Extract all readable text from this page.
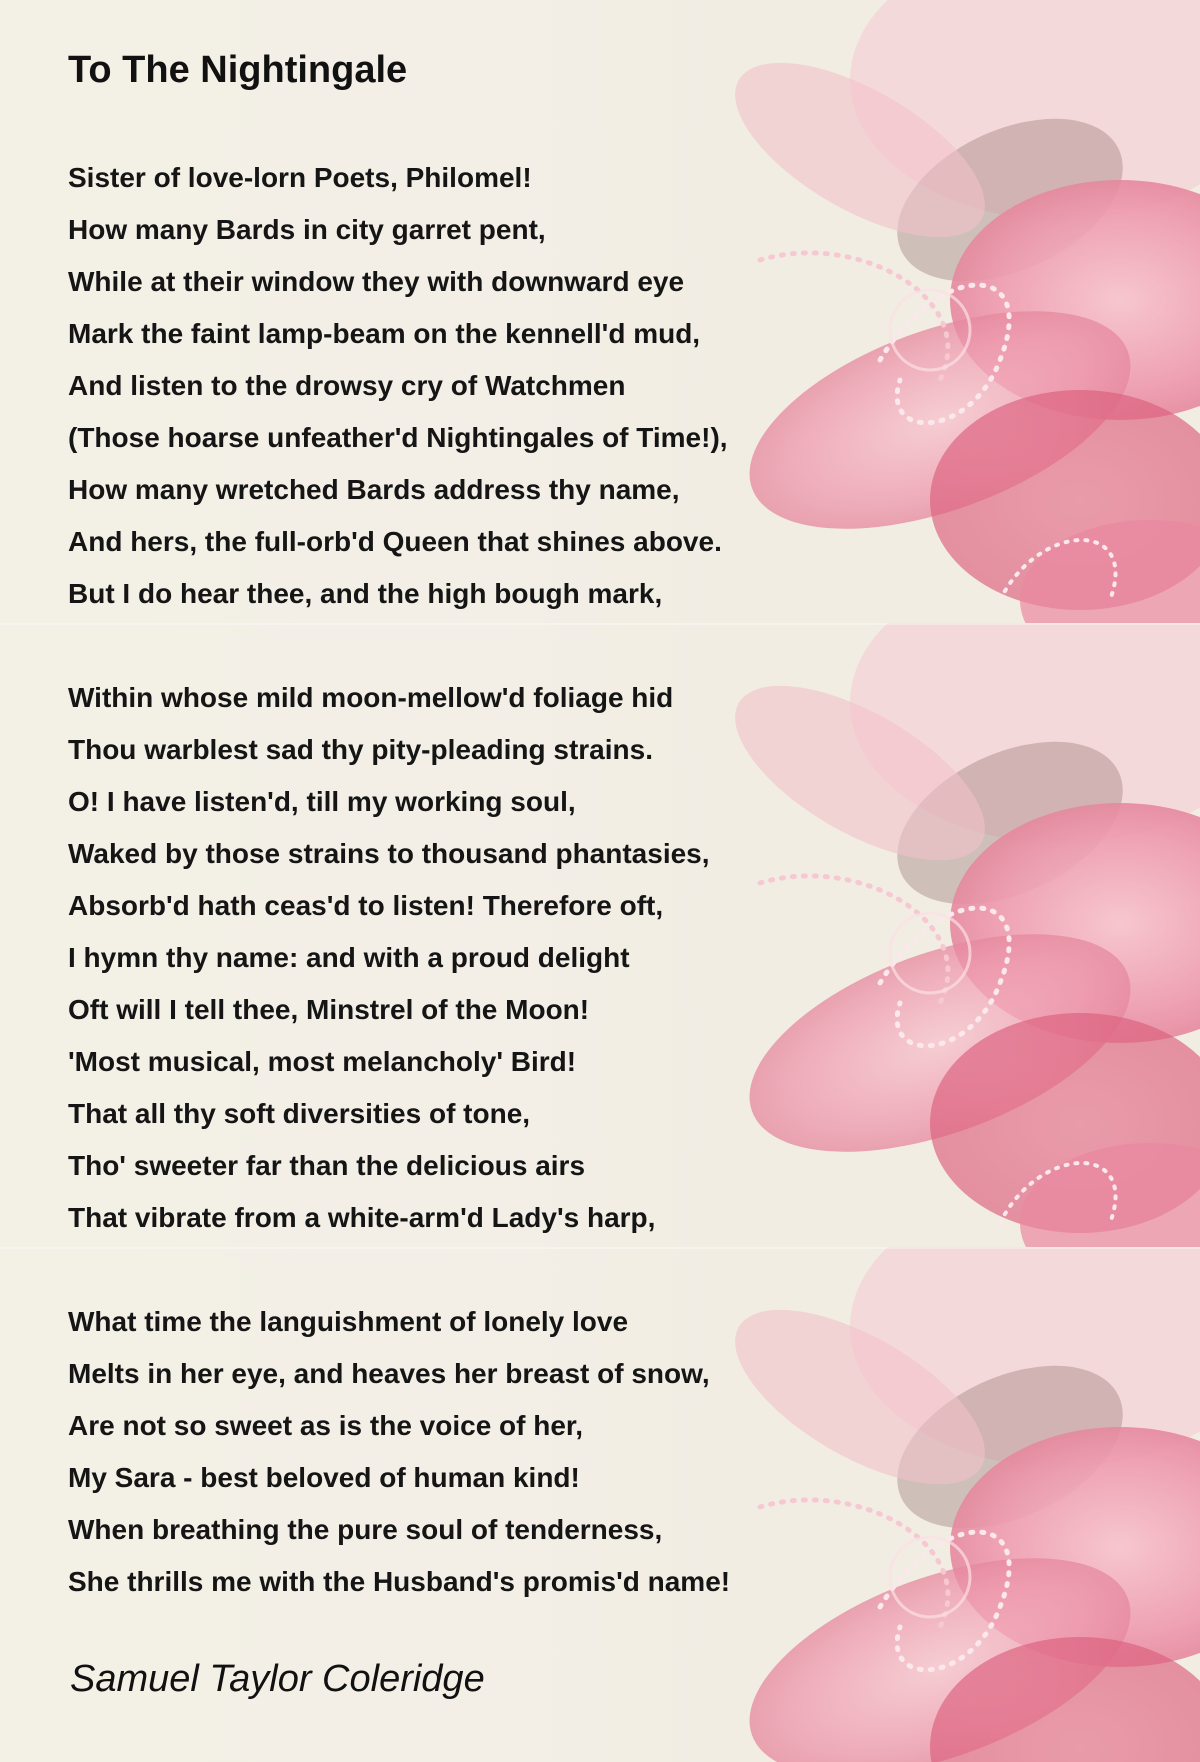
To The Nightingale
Sister of love-lorn Poets, Philomel!
How many Bards in city garret pent,
While at their window they with downward eye
Mark the faint lamp-beam on the kennell'd mud,
And listen to the drowsy cry of Watchmen
(Those hoarse unfeather'd Nightingales of Time!),
How many wretched Bards address thy name,
And hers, the full-orb'd Queen that shines above.
But I do hear thee, and the high bough mark,
Within whose mild moon-mellow'd foliage hid
Thou warblest sad thy pity-pleading strains.
O! I have listen'd, till my working soul,
Waked by those strains to thousand phantasies,
Absorb'd hath ceas'd to listen! Therefore oft,
I hymn thy name: and with a proud delight
Oft will I tell thee, Minstrel of the Moon!
'Most musical, most melancholy' Bird!
That all thy soft diversities of tone,
Tho' sweeter far than the delicious airs
That vibrate from a white-arm'd Lady's harp,
What time the languishment of lonely love
Melts in her eye, and heaves her breast of snow,
Are not so sweet as is the voice of her,
My Sara - best beloved of human kind!
When breathing the pure soul of tenderness,
She thrills me with the Husband's promis'd name!

Samuel Taylor Coleridge
